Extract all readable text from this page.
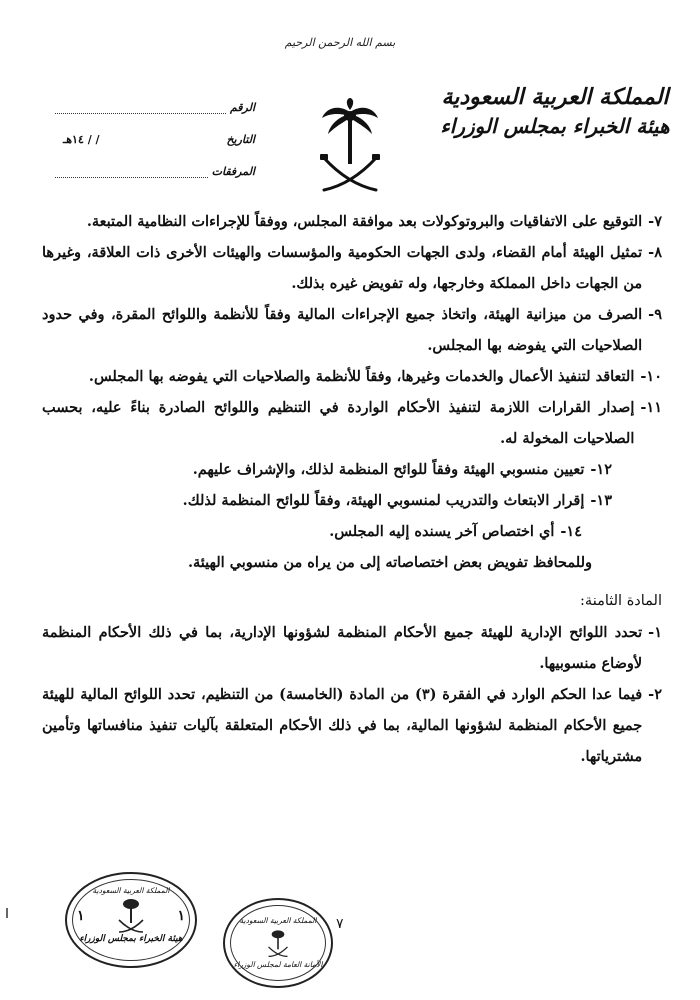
بسم الله الرحمن الرحيم
المملكة العربية السعودية
هيئة الخبراء بمجلس الوزراء
الرقم
التاريخ
/ / ١٤هـ
المرفقات
٧-
التوقيع على الاتفاقيات والبروتوكولات بعد موافقة المجلس، ووفقاً للإجراءات النظامية المتبعة.
٨-
تمثيل الهيئة أمام القضاء، ولدى الجهات الحكومية والمؤسسات والهيئات الأخرى ذات العلاقة، وغيرها من الجهات داخل المملكة وخارجها، وله تفويض غيره بذلك.
٩-
الصرف من ميزانية الهيئة، واتخاذ جميع الإجراءات المالية وفقاً للأنظمة واللوائح المقرة، وفي حدود الصلاحيات التي يفوضه بها المجلس.
١٠-
التعاقد لتنفيذ الأعمال والخدمات وغيرها، وفقاً للأنظمة والصلاحيات التي يفوضه بها المجلس.
١١-
إصدار القرارات اللازمة لتنفيذ الأحكام الواردة في التنظيم واللوائح الصادرة بناءً عليه، بحسب الصلاحيات المخولة له.
١٢-
تعيين منسوبي الهيئة وفقاً للوائح المنظمة لذلك، والإشراف عليهم.
١٣-
إقرار الابتعاث والتدريب لمنسوبي الهيئة، وفقاً للوائح المنظمة لذلك.
١٤-
أي اختصاص آخر يسنده إليه المجلس.
وللمحافظ تفويض بعض اختصاصاته إلى من يراه من منسوبي الهيئة.
المادة الثامنة:
١-
تحدد اللوائح الإدارية للهيئة جميع الأحكام المنظمة لشؤونها الإدارية، بما في ذلك الأحكام المنظمة لأوضاع منسوبيها.
٢-
فيما عدا الحكم الوارد في الفقرة (٣) من المادة (الخامسة) من التنظيم، تحدد اللوائح المالية للهيئة جميع الأحكام المنظمة لشؤونها المالية، بما في ذلك الأحكام المتعلقة بآليات تنفيذ منافساتها وتأمين مشترياتها.
المملكة العربية السعودية
هيئة الخبراء بمجلس الوزراء
١
١	المملكة العربية السعودية
الأمانة العامة لمجلس الوزراء
٧
